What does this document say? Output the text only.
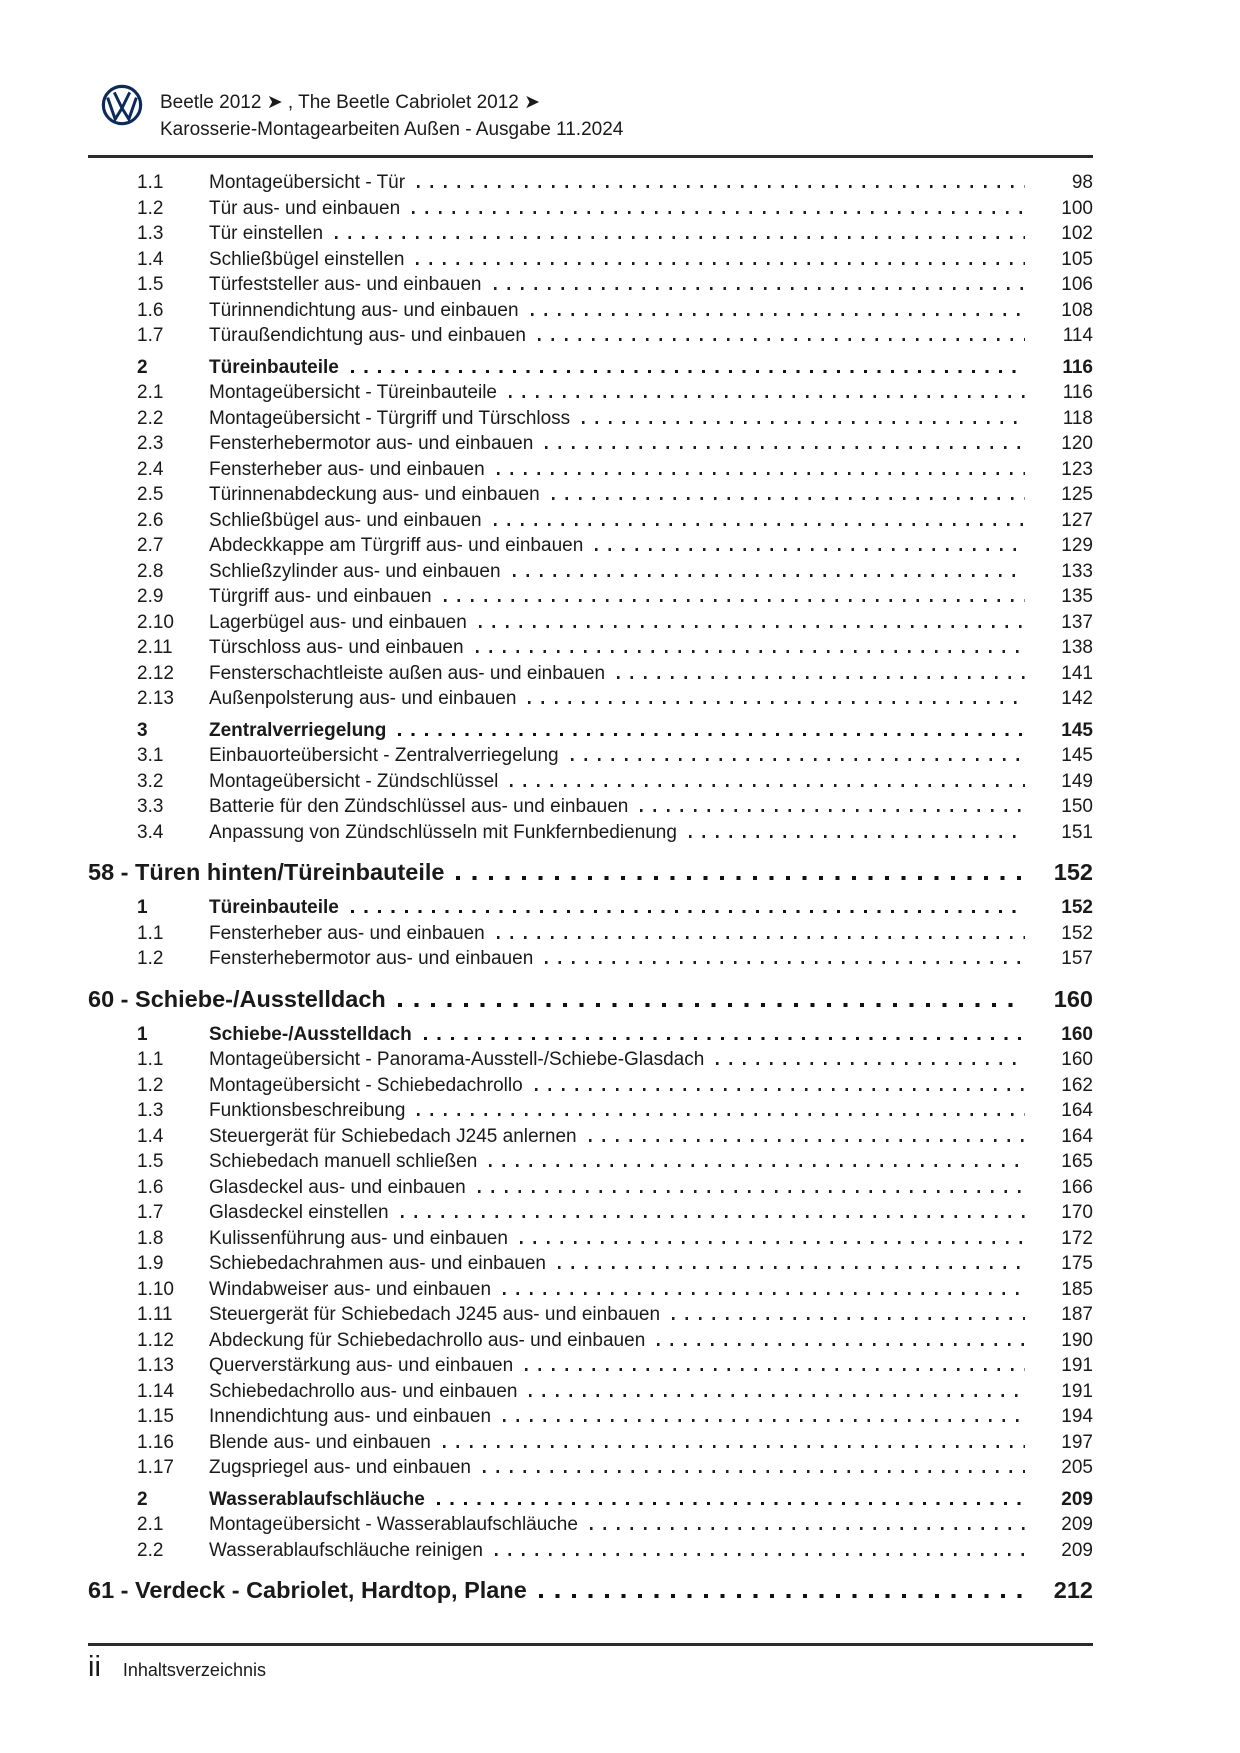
Beetle 2012 ➤ , The Beetle Cabriolet 2012 ➤
Karosserie-Montagearbeiten Außen - Ausgabe 11.2024
1.1	Montageübersicht - Tür	98
1.2	Tür aus- und einbauen	100
1.3	Tür einstellen	102
1.4	Schließbügel einstellen	105
1.5	Türfeststeller aus- und einbauen	106
1.6	Türinnendichtung aus- und einbauen	108
1.7	Türaußendichtung aus- und einbauen	114
2	Türeinbauteile	116
2.1	Montageübersicht - Türeinbauteile	116
2.2	Montageübersicht - Türgriff und Türschloss	118
2.3	Fensterhebermotor aus- und einbauen	120
2.4	Fensterheber aus- und einbauen	123
2.5	Türinnenabdeckung aus- und einbauen	125
2.6	Schließbügel aus- und einbauen	127
2.7	Abdeckkappe am Türgriff aus- und einbauen	129
2.8	Schließzylinder aus- und einbauen	133
2.9	Türgriff aus- und einbauen	135
2.10	Lagerbügel aus- und einbauen	137
2.11	Türschloss aus- und einbauen	138
2.12	Fensterschachtleiste außen aus- und einbauen	141
2.13	Außenpolsterung aus- und einbauen	142
3	Zentralverriegelung	145
3.1	Einbauorteübersicht - Zentralverriegelung	145
3.2	Montageübersicht - Zündschlüssel	149
3.3	Batterie für den Zündschlüssel aus- und einbauen	150
3.4	Anpassung von Zündschlüsseln mit Funkfernbedienung	151
58 - Türen hinten/Türeinbauteile	152
1	Türeinbauteile	152
1.1	Fensterheber aus- und einbauen	152
1.2	Fensterhebermotor aus- und einbauen	157
60 - Schiebe-/Ausstelldach	160
1	Schiebe-/Ausstelldach	160
1.1	Montageübersicht - Panorama-Ausstell-/Schiebe-Glasdach	160
1.2	Montageübersicht - Schiebedachrollo	162
1.3	Funktionsbeschreibung	164
1.4	Steuergerät für Schiebedach J245 anlernen	164
1.5	Schiebedach manuell schließen	165
1.6	Glasdeckel aus- und einbauen	166
1.7	Glasdeckel einstellen	170
1.8	Kulissenführung aus- und einbauen	172
1.9	Schiebedachrahmen aus- und einbauen	175
1.10	Windabweiser aus- und einbauen	185
1.11	Steuergerät für Schiebedach J245 aus- und einbauen	187
1.12	Abdeckung für Schiebedachrollo aus- und einbauen	190
1.13	Querverstärkung aus- und einbauen	191
1.14	Schiebedachrollo aus- und einbauen	191
1.15	Innendichtung aus- und einbauen	194
1.16	Blende aus- und einbauen	197
1.17	Zugspriegel aus- und einbauen	205
2	Wasserablaufschläuche	209
2.1	Montageübersicht - Wasserablaufschläuche	209
2.2	Wasserablaufschläuche reinigen	209
61 - Verdeck - Cabriolet, Hardtop, Plane	212
ii Inhaltsverzeichnis
